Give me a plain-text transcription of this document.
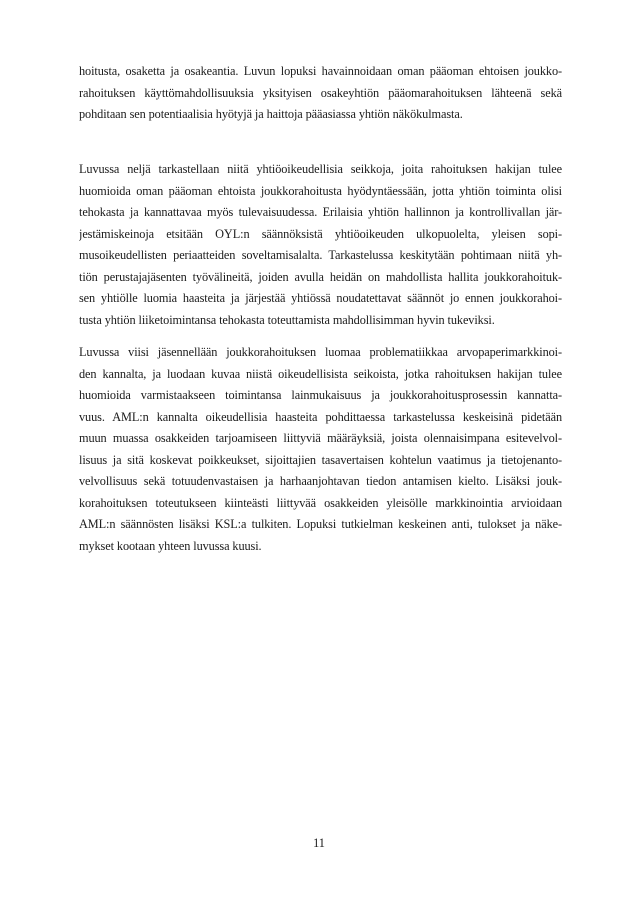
hoitusta, osaketta ja osakeantia. Luvun lopuksi havainnoidaan oman pääoman ehtoisen joukko-
rahoituksen käyttömahdollisuuksia yksityisen osakeyhtiön pääomarahoituksen lähteenä sekä
pohditaan sen potentiaalisia hyötyjä ja haittoja pääasiassa yhtiön näkökulmasta.
Luvussa neljä tarkastellaan niitä yhtiöoikeudellisia seikkoja, joita rahoituksen hakijan tulee
huomioida oman pääoman ehtoista joukkorahoitusta hyödyntäessään, jotta yhtiön toiminta olisi
tehokasta ja kannattavaa myös tulevaisuudessa. Erilaisia yhtiön hallinnon ja kontrollivallan jär-
jestämiskeinoja etsitään OYL:n säännöksistä yhtiöoikeuden ulkopuolelta, yleisen sopi-
musoikeudellisten periaatteiden soveltamisalalta. Tarkastelussa keskitytään pohtimaan niitä yh-
tiön perustajajäsenten työvälineitä, joiden avulla heidän on mahdollista hallita joukkorahoituk-
sen yhtiölle luomia haasteita ja järjestää yhtiössä noudatettavat säännöt jo ennen joukkorahoi-
tusta yhtiön liiketoimintansa tehokasta toteuttamista mahdollisimman hyvin tukeviksi.
Luvussa viisi jäsennellään joukkorahoituksen luomaa problematiikkaa arvopaperimarkkinoi-
den kannalta, ja luodaan kuvaa niistä oikeudellisista seikoista, jotka rahoituksen hakijan tulee
huomioida varmistaakseen toimintansa lainmukaisuus ja joukkorahoitusprosessin kannatta-
vuus. AML:n kannalta oikeudellisia haasteita pohdittaessa tarkastelussa keskeisinä pidetään
muun muassa osakkeiden tarjoamiseen liittyviä määräyksiä, joista olennaisimpana esitevelvol-
lisuus ja sitä koskevat poikkeukset, sijoittajien tasavertaisen kohtelun vaatimus ja tietojenanto-
velvollisuus sekä totuudenvastaisen ja harhaanjohtavan tiedon antamisen kielto. Lisäksi jouk-
korahoituksen toteutukseen kiinteästi liittyvää osakkeiden yleisölle markkinointia arvioidaan
AML:n säännösten lisäksi KSL:a tulkiten. Lopuksi tutkielman keskeinen anti, tulokset ja näke-
mykset kootaan yhteen luvussa kuusi.
11
